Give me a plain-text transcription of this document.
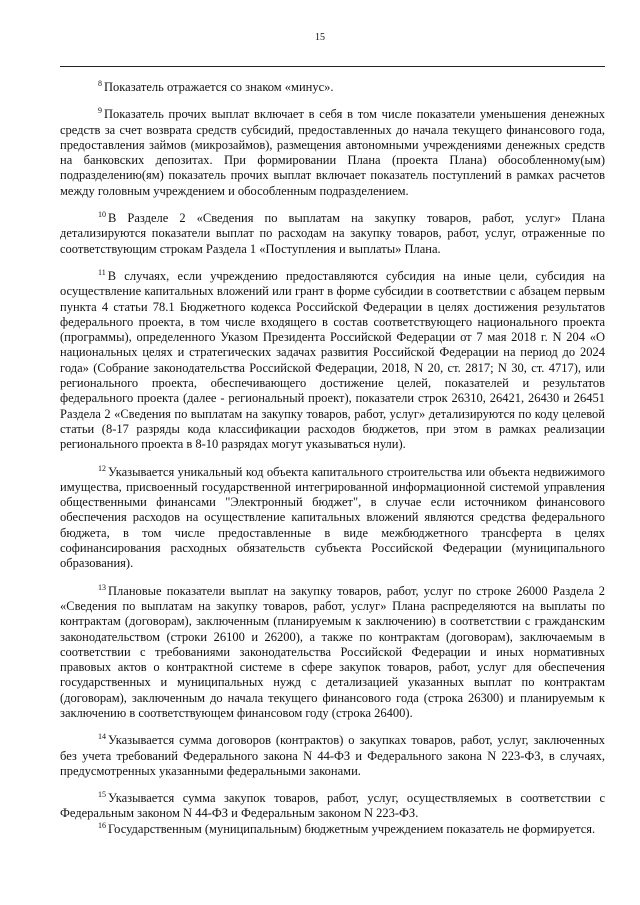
15

$^8$ Показатель отражается со знаком «минус».

$^9$ Показатель прочих выплат включает в себя в том числе показатели уменьшения денежных средств за счет возврата средств субсидий, предоставленных до начала текущего финансового года, предоставления займов (микрозаймов), размещения автономными учреждениями денежных средств на банковских депозитах. При формировании Плана (проекта Плана) обособленному(ым) подразделению(ям) показатель прочих выплат включает показатель поступлений в рамках расчетов между головным учреждением и обособленным подразделением.

$^{10}$ В Разделе 2 «Сведения по выплатам на закупку товаров, работ, услуг» Плана детализируются показатели выплат по расходам на закупку товаров, работ, услуг, отраженные по соответствующим строкам Раздела 1 «Поступления и выплаты» Плана.

$^{11}$ В случаях, если учреждению предоставляются субсидия на иные цели, субсидия на осуществление капитальных вложений или грант в форме субсидии в соответствии с абзацем первым пункта 4 статьи 78.1 Бюджетного кодекса Российской Федерации в целях достижения результатов федерального проекта, в том числе входящего в состав соответствующего национального проекта (программы), определенного Указом Президента Российской Федерации от 7 мая 2018 г. N 204 «О национальных целях и стратегических задачах развития Российской Федерации на период до 2024 года» (Собрание законодательства Российской Федерации, 2018, N 20, ст. 2817; N 30, ст. 4717), или регионального проекта, обеспечивающего достижение целей, показателей и результатов федерального проекта (далее - региональный проект), показатели строк 26310, 26421, 26430 и 26451 Раздела 2 «Сведения по выплатам на закупку товаров, работ, услуг» детализируются по коду целевой статьи (8-17 разряды кода классификации расходов бюджетов, при этом в рамках реализации регионального проекта в 8-10 разрядах могут указываться нули).

$^{12}$ Указывается уникальный код объекта капитального строительства или объекта недвижимого имущества, присвоенный государственной интегрированной информационной системой управления общественными финансами "Электронный бюджет", в случае если источником финансового обеспечения расходов на осуществление капитальных вложений являются средства федерального бюджета, в том числе предоставленные в виде межбюджетного трансферта в целях софинансирования расходных обязательств субъекта Российской Федерации (муниципального образования).

$^{13}$ Плановые показатели выплат на закупку товаров, работ, услуг по строке 26000 Раздела 2 «Сведения по выплатам на закупку товаров, работ, услуг» Плана распределяются на выплаты по контрактам (договорам), заключенным (планируемым к заключению) в соответствии с гражданским законодательством (строки 26100 и 26200), а также по контрактам (договорам), заключаемым в соответствии с требованиями законодательства Российской Федерации и иных нормативных правовых актов о контрактной системе в сфере закупок товаров, работ, услуг для обеспечения государственных и муниципальных нужд с детализацией указанных выплат по контрактам (договорам), заключенным до начала текущего финансового года (строка 26300) и планируемым к заключению в соответствующем финансовом году (строка 26400).

$^{14}$ Указывается сумма договоров (контрактов) о закупках товаров, работ, услуг, заключенных без учета требований Федерального закона N 44-ФЗ и Федерального закона N 223-ФЗ, в случаях, предусмотренных указанными федеральными законами.

$^{15}$ Указывается сумма закупок товаров, работ, услуг, осуществляемых в соответствии с Федеральным законом N 44-ФЗ и Федеральным законом N 223-ФЗ.

$^{16}$ Государственным (муниципальным) бюджетным учреждением показатель не формируется.
